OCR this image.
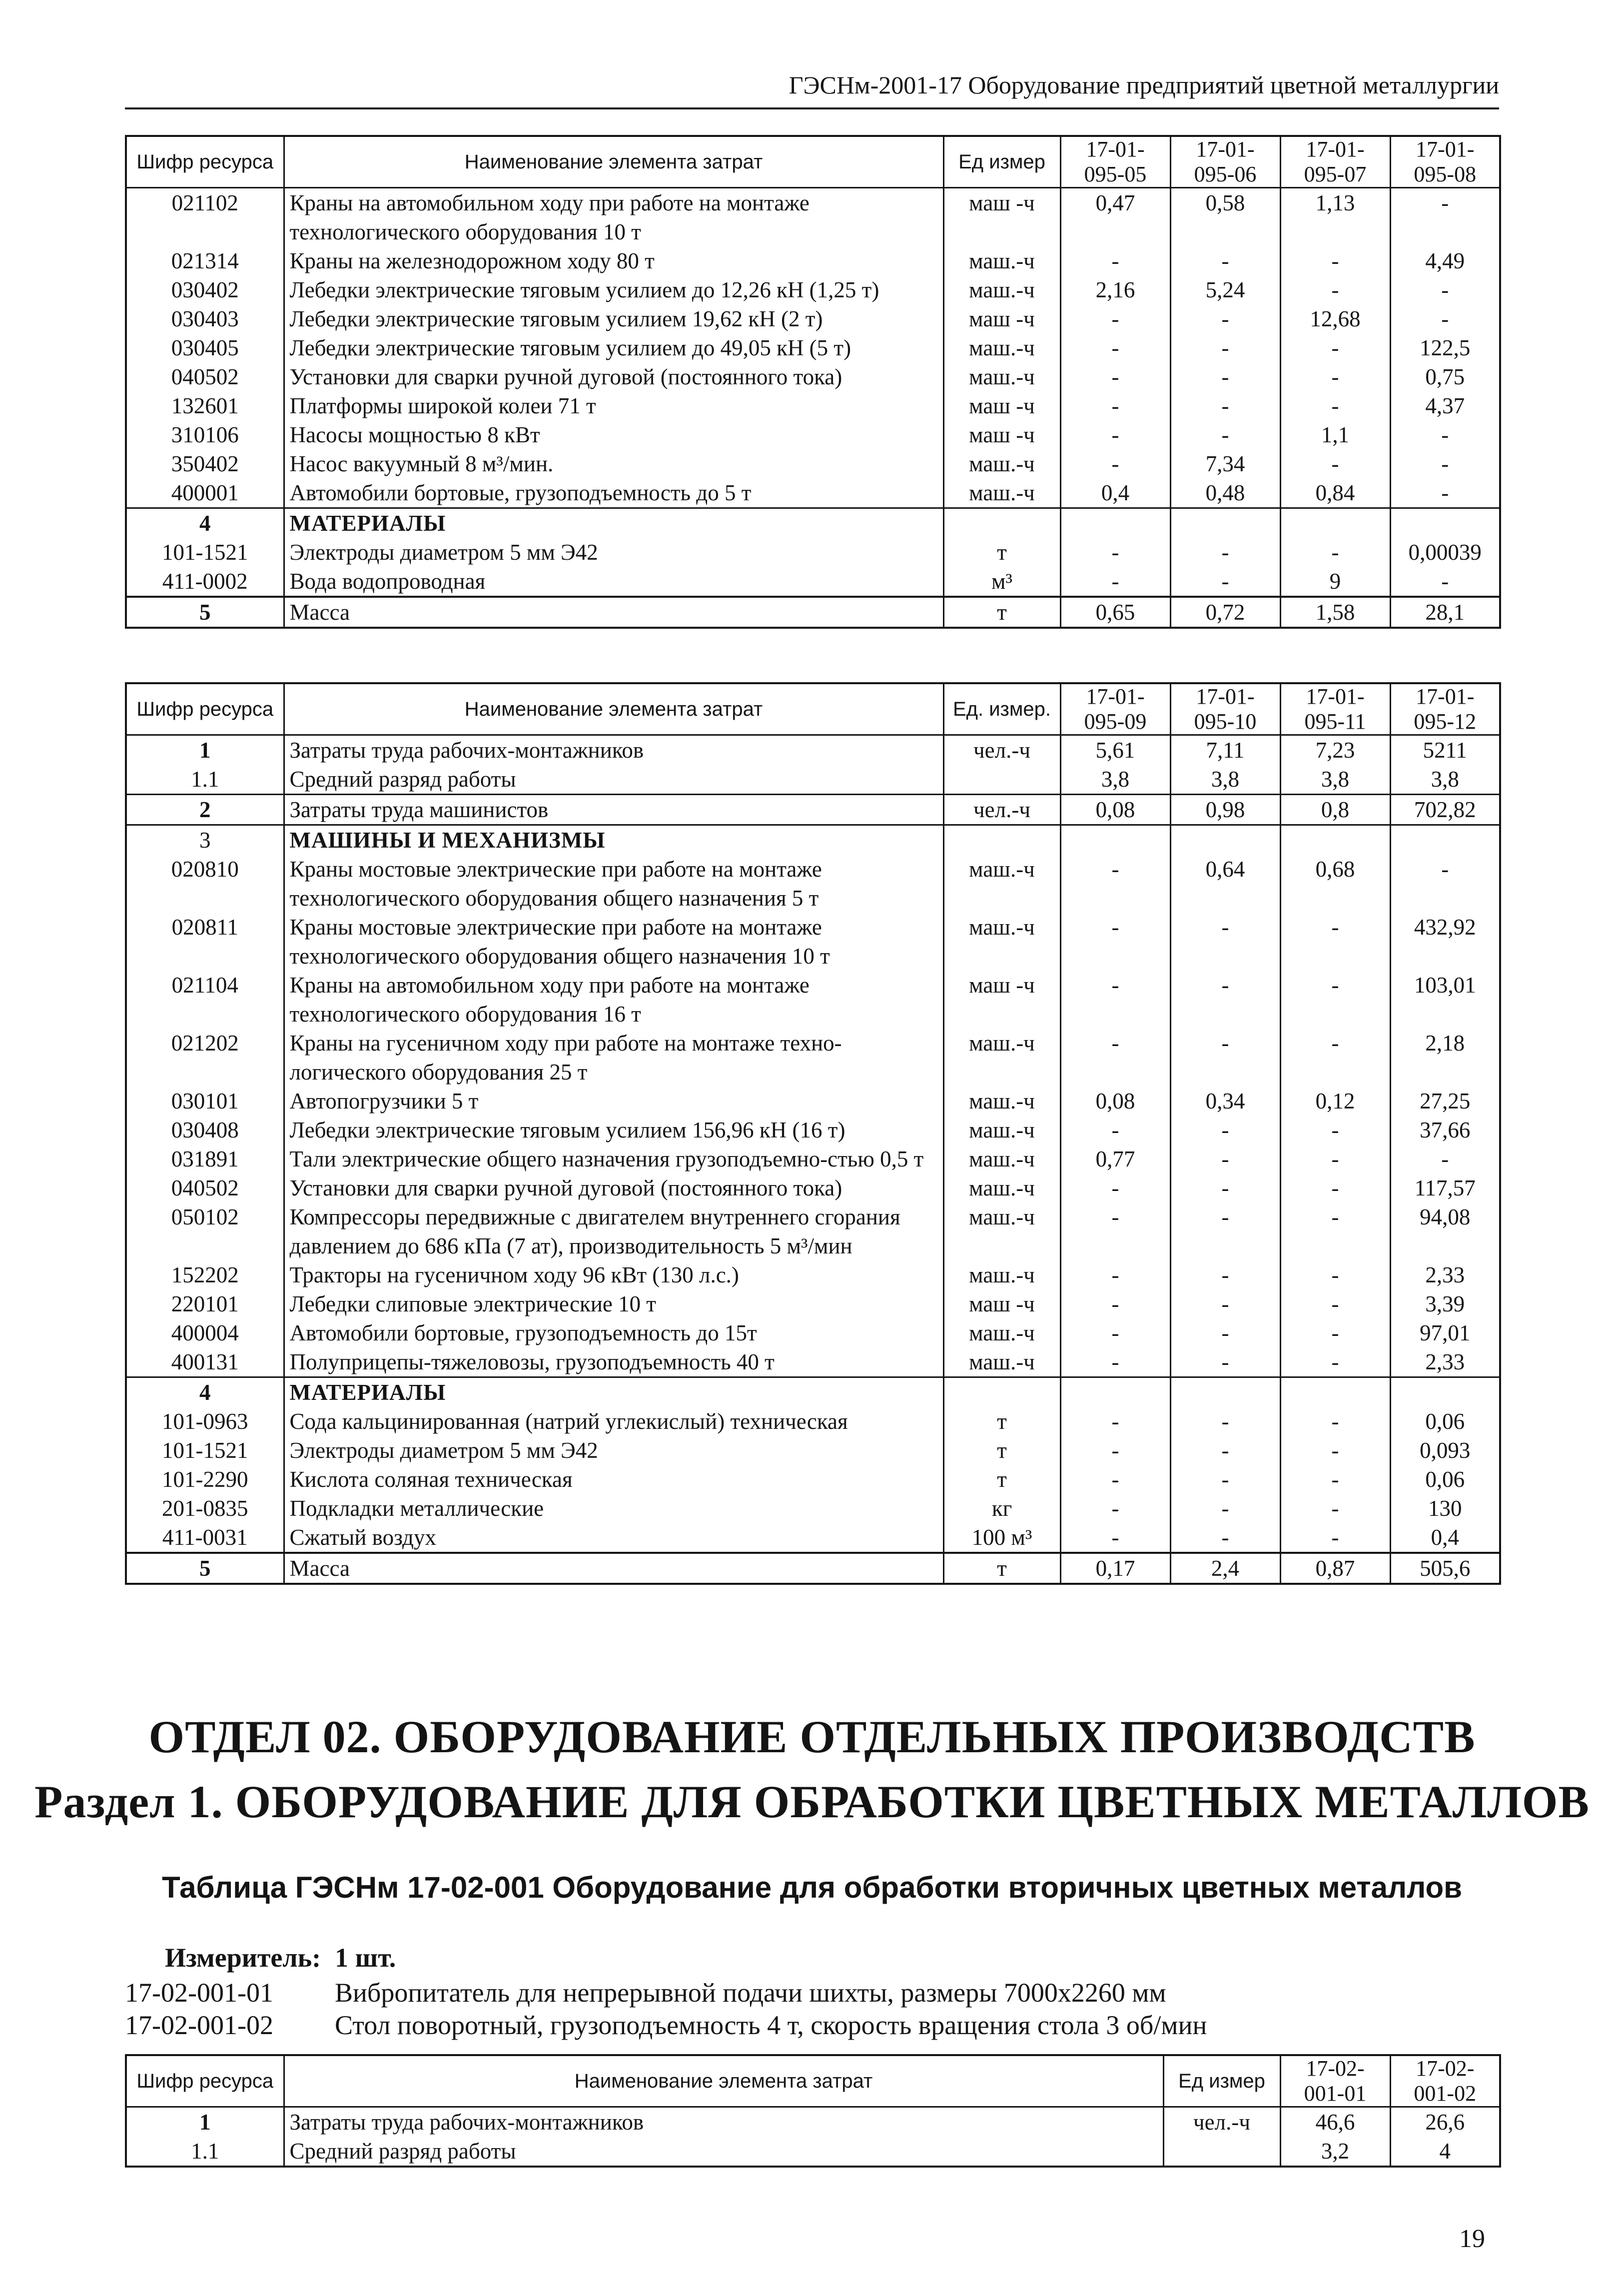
ГЭСНм-2001-17 Оборудование предприятий цветной металлургии
Шифр ресурса	Наименование элемента затрат	Ед измер	17-01-095-05	17-01-095-06	17-01-095-07	17-01-095-08
021102	Краны на автомобильном ходу при работе на монтаже технологического оборудования 10 т	маш -ч	0,47	0,58	1,13	-
021314	Краны на железнодорожном ходу 80 т	маш.-ч	-	-	-	4,49
030402	Лебедки электрические тяговым усилием до 12,26 кН (1,25 т)	маш.-ч	2,16	5,24	-	-
030403	Лебедки электрические тяговым усилием 19,62 кН (2 т)	маш -ч	-	-	12,68	-
030405	Лебедки электрические тяговым усилием до 49,05 кН (5 т)	маш.-ч	-	-	-	122,5
040502	Установки для сварки ручной дуговой (постоянного тока)	маш.-ч	-	-	-	0,75
132601	Платформы широкой колеи 71 т	маш -ч	-	-	-	4,37
310106	Насосы мощностью 8 кВт	маш -ч	-	-	1,1	-
350402	Насос вакуумный 8 м³/мин.	маш.-ч	-	7,34	-	-
400001	Автомобили бортовые, грузоподъемность до 5 т	маш.-ч	0,4	0,48	0,84	-
4	МАТЕРИАЛЫ					
101-1521	Электроды диаметром 5 мм Э42	т	-	-	-	0,00039
411-0002	Вода водопроводная	м³	-	-	9	-
5	Масса	т	0,65	0,72	1,58	28,1
Шифр ресурса	Наименование элемента затрат	Ед. измер.	17-01-095-09	17-01-095-10	17-01-095-11	17-01-095-12
1	Затраты труда рабочих-монтажников	чел.-ч	5,61	7,11	7,23	5211
1.1	Средний разряд работы		3,8	3,8	3,8	3,8
2	Затраты труда машинистов	чел.-ч	0,08	0,98	0,8	702,82
3	МАШИНЫ И МЕХАНИЗМЫ					
020810	Краны мостовые электрические при работе на монтаже технологического оборудования общего назначения 5 т	маш.-ч	-	0,64	0,68	-
020811	Краны мостовые электрические при работе на монтаже технологического оборудования общего назначения 10 т	маш.-ч	-	-	-	432,92
021104	Краны на автомобильном ходу при работе на монтаже технологического оборудования 16 т	маш -ч	-	-	-	103,01
021202	Краны на гусеничном ходу при работе на монтаже техно-логического оборудования 25 т	маш.-ч	-	-	-	2,18
030101	Автопогрузчики 5 т	маш.-ч	0,08	0,34	0,12	27,25
030408	Лебедки электрические тяговым усилием 156,96 кН (16 т)	маш.-ч	-	-	-	37,66
031891	Тали электрические общего назначения грузоподъемно-стью 0,5 т	маш.-ч	0,77	-	-	-
040502	Установки для сварки ручной дуговой (постоянного тока)	маш.-ч	-	-	-	117,57
050102	Компрессоры передвижные с двигателем внутреннего сгорания давлением до 686 кПа (7 ат), производительность 5 м³/мин	маш.-ч	-	-	-	94,08
152202	Тракторы на гусеничном ходу 96 кВт (130 л.с.)	маш.-ч	-	-	-	2,33
220101	Лебедки слиповые электрические 10 т	маш -ч	-	-	-	3,39
400004	Автомобили бортовые, грузоподъемность до 15т	маш.-ч	-	-	-	97,01
400131	Полуприцепы-тяжеловозы, грузоподъемность 40 т	маш.-ч	-	-	-	2,33
4	МАТЕРИАЛЫ					
101-0963	Сода кальцинированная (натрий углекислый) техническая	т	-	-	-	0,06
101-1521	Электроды диаметром 5 мм Э42	т	-	-	-	0,093
101-2290	Кислота соляная техническая	т	-	-	-	0,06
201-0835	Подкладки металлические	кг	-	-	-	130
411-0031	Сжатый воздух	100 м³	-	-	-	0,4
5	Масса	т	0,17	2,4	0,87	505,6
ОТДЕЛ 02. ОБОРУДОВАНИЕ ОТДЕЛЬНЫХ ПРОИЗВОДСТВ
Раздел 1. ОБОРУДОВАНИЕ ДЛЯ ОБРАБОТКИ ЦВЕТНЫХ МЕТАЛЛОВ
Таблица ГЭСНм 17-02-001 Оборудование для обработки вторичных цветных металлов
Измеритель: 1 шт.
17-02-001-01 Вибропитатель для непрерывной подачи шихты, размеры 7000х2260 мм
17-02-001-02 Стол поворотный, грузоподъемность 4 т, скорость вращения стола 3 об/мин
Шифр ресурса	Наименование элемента затрат	Ед измер	17-02-001-01	17-02-001-02
1	Затраты труда рабочих-монтажников	чел.-ч	46,6	26,6
1.1	Средний разряд работы		3,2	4
19
